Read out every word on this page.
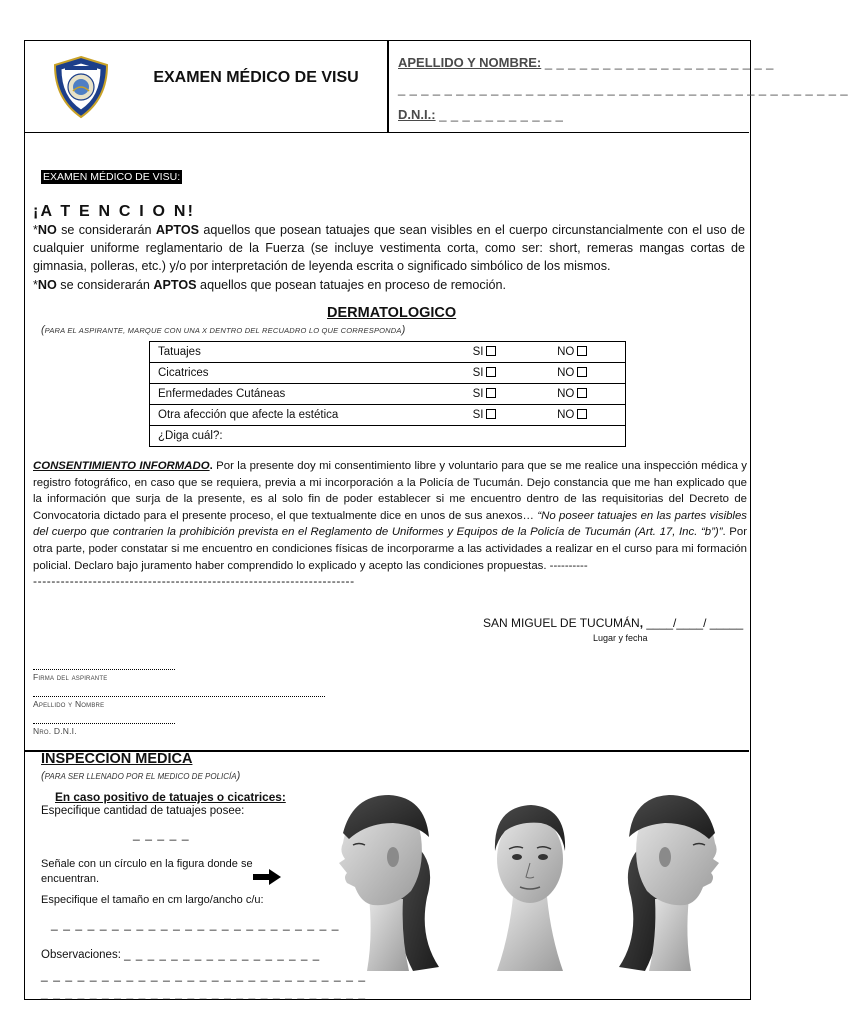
EXAMEN MÉDICO DE VISU
APELLIDO Y NOMBRE: _ _ _ _ _ _ _ _ _ _ _ _ _ _ _ _ _ _ _ _
_ _ _ _ _ _ _ _ _ _ _ _ _ _ _ _ _ _ _ _ _ _ _ _ _ _ _ _ _ _ _ _ _ _ _ _ _ _ _
D.N.I.: _ _ _ _ _ _ _ _ _ _ _
EXAMEN MÉDICO DE VISU:
¡A T E N C I O N!
*NO se considerarán APTOS aquellos que posean tatuajes que sean visibles en el cuerpo circunstancialmente con el uso de cualquier uniforme reglamentario de la Fuerza (se incluye vestimenta corta, como ser: short, remeras mangas cortas de gimnasia, polleras, etc.) y/o por interpretación de leyenda escrita o significado simbólico de los mismos.
*NO se considerarán APTOS aquellos que posean tatuajes en proceso de remoción.
DERMATOLOGICO
(PARA EL ASPIRANTE, MARQUE CON UNA X DENTRO DEL RECUADRO LO QUE CORRESPONDA)
Tatuajes	SI	NO
Cicatrices	SI	NO
Enfermedades Cutáneas	SI	NO
Otra afección que afecte la estética	SI	NO
¿Diga cuál?:		
CONSENTIMIENTO INFORMADO. Por la presente doy mi consentimiento libre y voluntario para que se me realice una inspección médica y registro fotográfico, en caso que se requiera, previa a mi incorporación a la Policía de Tucumán. Dejo constancia que me han explicado que la información que surja de la presente, es al solo fin de poder establecer si me encuentro dentro de las requisitorias del Decreto de Convocatoria dictado para el presente proceso, el que textualmente dice en unos de sus anexos… “No poseer tatuajes en las partes visibles del cuerpo que contrarien la prohibición prevista en el Reglamento de Uniformes y Equipos de la Policía de Tucumán (Art. 17, Inc. “b”)”. Por otra parte, poder constatar si me encuentro en condiciones físicas de incorporarme a las actividades a realizar en el curso para mi formación policial. Declaro bajo juramento haber comprendido lo explicado y acepto las condiciones propuestas. ----------
----------------------------------------------------------------------
SAN MIGUEL DE TUCUMÁN, ____/____/ _____
Lugar y fecha
Firma del aspirante
Apellido y Nombre
Nro. D.N.I.
INSPECCION MEDICA
(PARA SER LLENADO POR EL MEDICO DE POLICÍA)
En caso positivo de tatuajes o cicatrices:
Especifique cantidad de tatuajes posee:
_ _ _ _ _
Señale con un círculo en la figura donde se
encuentran.
Especifique el tamaño en cm largo/ancho c/u:
_ _ _ _ _ _ _ _ _ _ _ _ _ _ _ _ _ _ _ _ _ _ _ _
Observaciones: _ _ _ _ _ _ _ _ _ _ _ _ _ _ _ _ _
_ _ _ _ _ _ _ _ _ _ _ _ _ _ _ _ _ _ _ _ _ _ _ _ _ _ _
_ _ _ _ _ _ _ _ _ _ _ _ _ _ _ _ _ _ _ _ _ _ _ _ _ _ _
